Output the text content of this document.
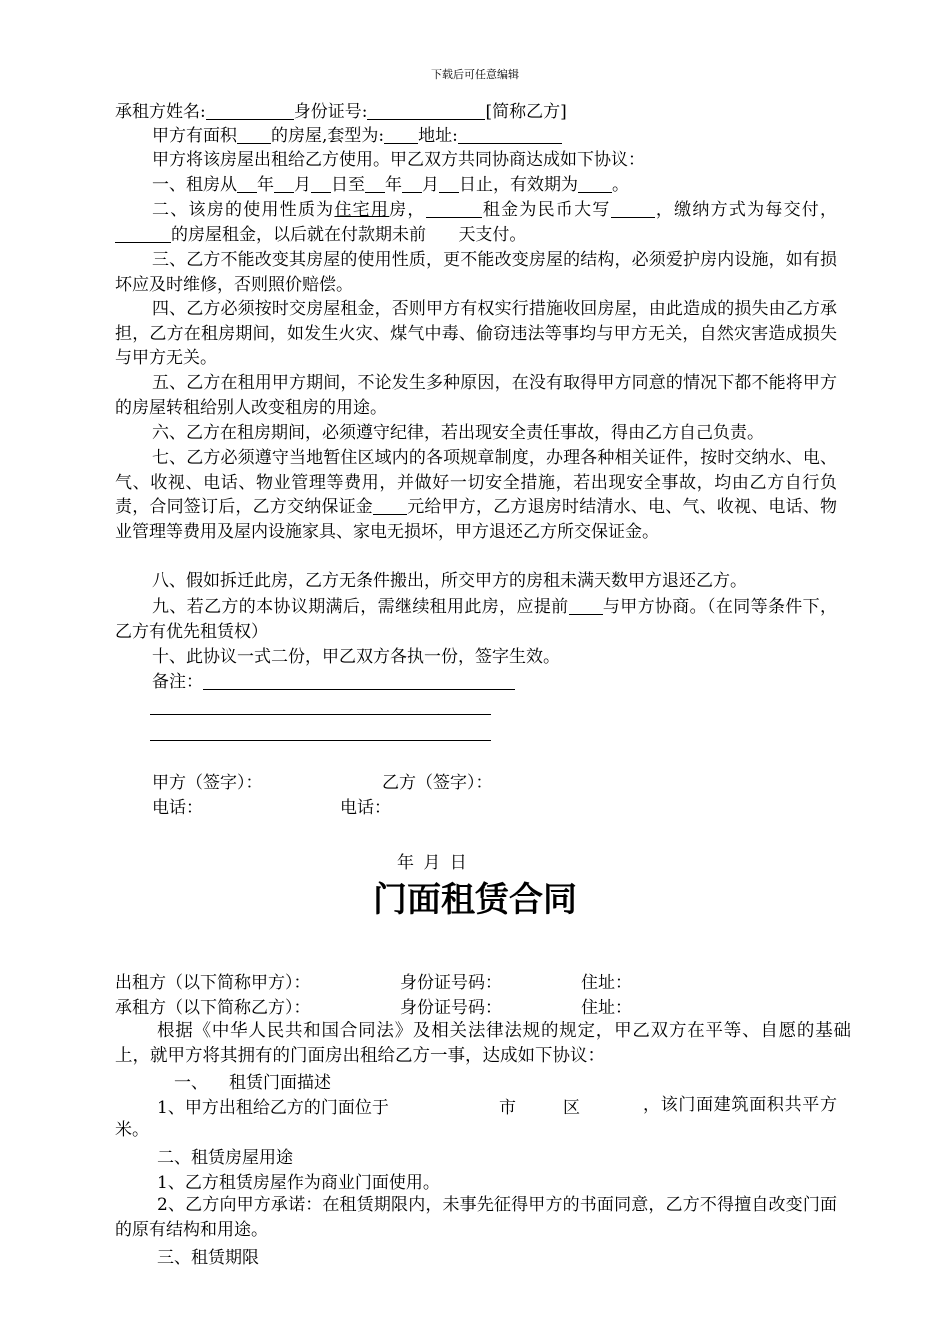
下载后可任意编辑

承租方姓名:	身份证号:	[简称乙方]

甲方有面积 的房屋,套型为: 地址:

甲方将该房屋出租给乙方使用。甲乙双方共同协商达成如下协议：

一、租房从 年 月 日至 年 月 日止，有效期为 。

二、该房的使用性质为住宅用房，	租金为民币大写	，缴纳方式为每交付，的房屋租金，以后就在付款期未前 天支付。

三、乙方不能改变其房屋的使用性质，更不能改变房屋的结构，必须爱护房内设施，如有损坏应及时维修，否则照价赔偿。

四、乙方必须按时交房屋租金，否则甲方有权实行措施收回房屋，由此造成的损失由乙方承担，乙方在租房期间，如发生火灾、煤气中毒、偷窃违法等事均与甲方无关，自然灾害造成损失与甲方无关。

五、乙方在租用甲方期间，不论发生多种原因，在没有取得甲方同意的情况下都不能将甲方的房屋转租给别人改变租房的用途。

六、乙方在租房期间，必须遵守纪律，若出现安全责任事故，得由乙方自己负责。

七、乙方必须遵守当地暂住区域内的各项规章制度，办理各种相关证件，按时交纳水、电、气、收视、电话、物业管理等费用，并做好一切安全措施，若出现安全事故，均由乙方自行负责，合同签订后，乙方交纳保证金 元给甲方，乙方退房时结清水、电、气、收视、电话、物业管理等费用及屋内设施家具、家电无损坏，甲方退还乙方所交保证金。

八、假如拆迁此房，乙方无条件搬出，所交甲方的房租未满天数甲方退还乙方。

九、若乙方的本协议期满后，需继续租用此房，应提前 与甲方协商。（在同等条件下，乙方有优先租赁权）

十、此协议一式二份，甲乙双方各执一份，签字生效。

备注：

甲方（签字）：	乙方（签字）：
电话：	电话：
年 月 日
门面租赁合同
出租方（以下简称甲方）：	身份证号码：	住址：
承租方（以下简称乙方）：	身份证号码：	住址：

根据《中华人民共和国合同法》及相关法律法规的规定，甲乙双方在平等、自愿的基础上，就甲方将其拥有的门面房出租给乙方一事，达成如下协议：

一、 租赁门面描述
1、甲方出租给乙方的门面位于	市	区	，该门面建筑面积共平方米。

二、租赁房屋用途
1、乙方租赁房屋作为商业门面使用。

2、乙方向甲方承诺：在租赁期限内，未事先征得甲方的书面同意，乙方不得擅自改变门面的原有结构和用途。

三、租赁期限
